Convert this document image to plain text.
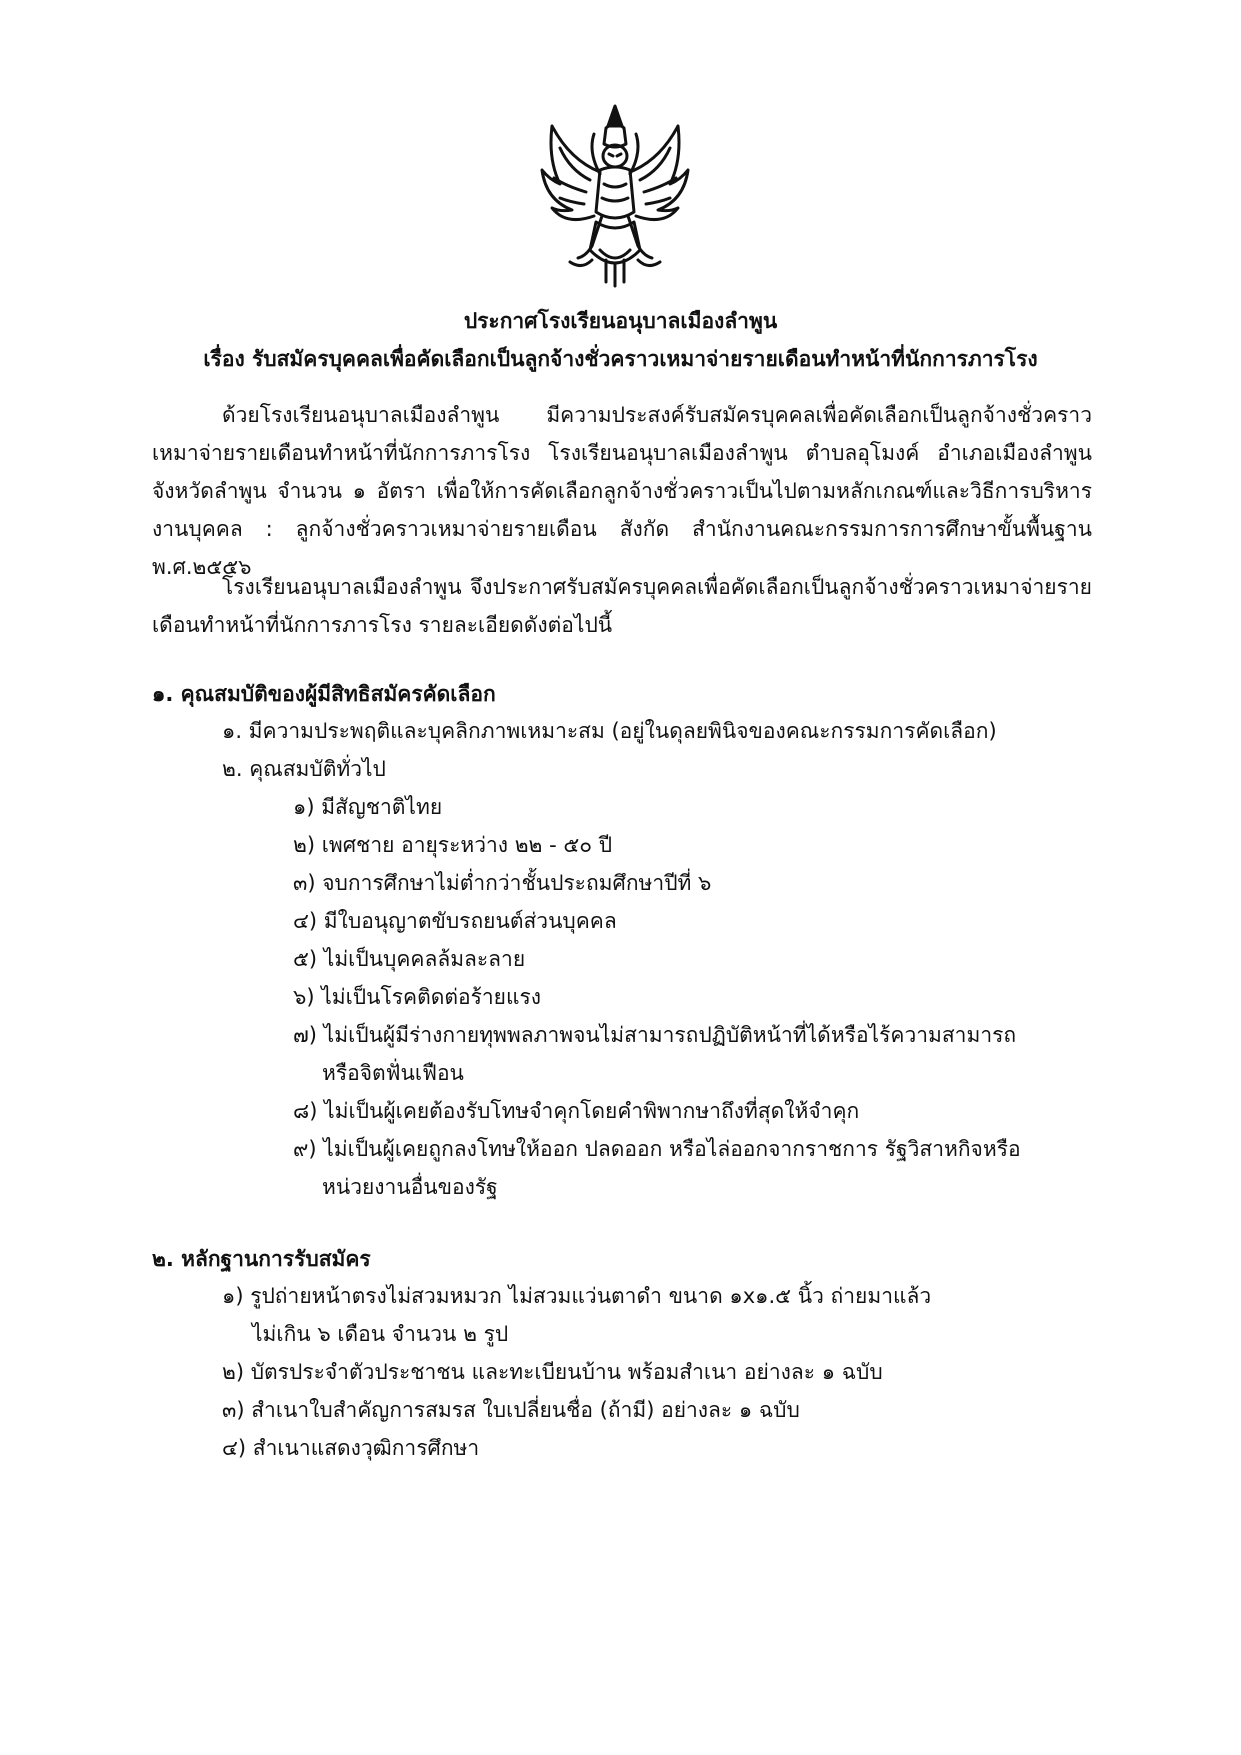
ประกาศโรงเรียนอนุบาลเมืองลำพูน
เรื่อง รับสมัครบุคคลเพื่อคัดเลือกเป็นลูกจ้างชั่วคราวเหมาจ่ายรายเดือนทำหน้าที่นักการภารโรง
ด้วยโรงเรียนอนุบาลเมืองลำพูน มีความประสงค์รับสมัครบุคคลเพื่อคัดเลือกเป็นลูกจ้างชั่วคราวเหมาจ่ายรายเดือนทำหน้าที่นักการภารโรง โรงเรียนอนุบาลเมืองลำพูน ตำบลอุโมงค์ อำเภอเมืองลำพูน จังหวัดลำพูน จำนวน ๑ อัตรา เพื่อให้การคัดเลือกลูกจ้างชั่วคราวเป็นไปตามหลักเกณฑ์และวิธีการบริหารงานบุคคล : ลูกจ้างชั่วคราวเหมาจ่ายรายเดือน สังกัด สำนักงานคณะกรรมการการศึกษาขั้นพื้นฐาน พ.ศ.๒๕๕๖
โรงเรียนอนุบาลเมืองลำพูน จึงประกาศรับสมัครบุคคลเพื่อคัดเลือกเป็นลูกจ้างชั่วคราวเหมาจ่ายรายเดือนทำหน้าที่นักการภารโรง รายละเอียดดังต่อไปนี้
๑. คุณสมบัติของผู้มีสิทธิสมัครคัดเลือก
๑. มีความประพฤติและบุคลิกภาพเหมาะสม (อยู่ในดุลยพินิจของคณะกรรมการคัดเลือก)
๒. คุณสมบัติทั่วไป
๑) มีสัญชาติไทย
๒) เพศชาย อายุระหว่าง ๒๒ - ๕๐ ปี
๓) จบการศึกษาไม่ต่ำกว่าชั้นประถมศึกษาปีที่ ๖
๔) มีใบอนุญาตขับรถยนต์ส่วนบุคคล
๕) ไม่เป็นบุคคลล้มละลาย
๖) ไม่เป็นโรคติดต่อร้ายแรง
๗) ไม่เป็นผู้มีร่างกายทุพพลภาพจนไม่สามารถปฏิบัติหน้าที่ได้หรือไร้ความสามารถ
หรือจิตฟั่นเฟือน
๘) ไม่เป็นผู้เคยต้องรับโทษจำคุกโดยคำพิพากษาถึงที่สุดให้จำคุก
๙) ไม่เป็นผู้เคยถูกลงโทษให้ออก ปลดออก หรือไล่ออกจากราชการ รัฐวิสาหกิจหรือ
หน่วยงานอื่นของรัฐ
๒. หลักฐานการรับสมัคร
๑) รูปถ่ายหน้าตรงไม่สวมหมวก ไม่สวมแว่นตาดำ ขนาด ๑x๑.๕ นิ้ว ถ่ายมาแล้ว
ไม่เกิน ๖ เดือน จำนวน ๒ รูป
๒) บัตรประจำตัวประชาชน และทะเบียนบ้าน พร้อมสำเนา อย่างละ ๑ ฉบับ
๓) สำเนาใบสำคัญการสมรส ใบเปลี่ยนชื่อ (ถ้ามี) อย่างละ ๑ ฉบับ
๔) สำเนาแสดงวุฒิการศึกษา
